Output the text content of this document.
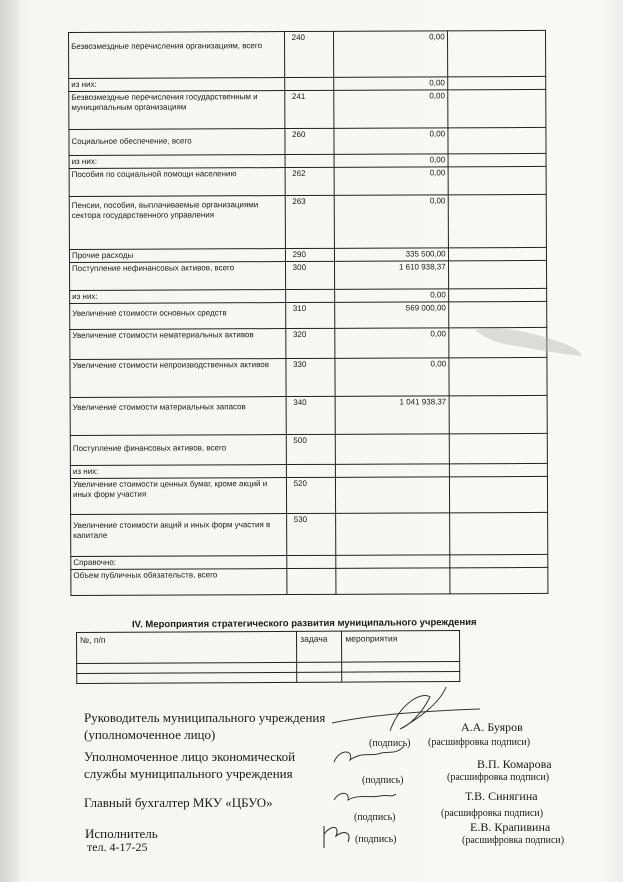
Безвозмездные перечисления организациям, всего	240	0,00	
из них:		0,00	
Безвозмездные перечисления государственным и муниципальным организациям	241	0,00	
Социальное обеспечение, всего	260	0,00	
из них:		0,00	
Пособия по социальной помощи населению	262	0,00	
Пенсии, пособия, выплачиваемые организациями сектора государственного управления	263	0,00	
Прочие расходы	290	335 500,00	
Поступление нефинансовых активов, всего	300	1 610 938,37	
из них:		0,00	
Увеличение стоимости основных средств	310	569 000,00	
Увеличение стоимости нематериальных активов	320	0,00	
Увеличение стоимости непроизводственных активов	330	0,00	
Увеличение стоимости материальных запасов	340	1 041 938,37	
Поступление финансовых активов, всего	500		
из них:			
Увеличение стоимости ценных бумаг, кроме акций и иных форм участия	520		
Увеличение стоимости акций и иных форм участия в капитале	530		
Справочно:			
Объем публичных обязательств, всего			
IV. Мероприятия стратегического развития муниципального учреждения
№, п/п	задача	мероприятия

Руководитель муниципального учреждения
(уполномоченное лицо)	А.А. Буяров
(подпись) (расшифровка подписи)
Уполномоченное лицо экономической
службы муниципального учреждения
В.П. Комарова
(подпись)	(расшифровка подписи)
Главный бухгалтер МКУ «ЦБУО»	Т.В. Синягина
(подпись)	(расшифровка подписи)
Исполнитель
тел. 4-17-25
(подпись)
Е.В. Крапивина
(расшифровка подписи)
